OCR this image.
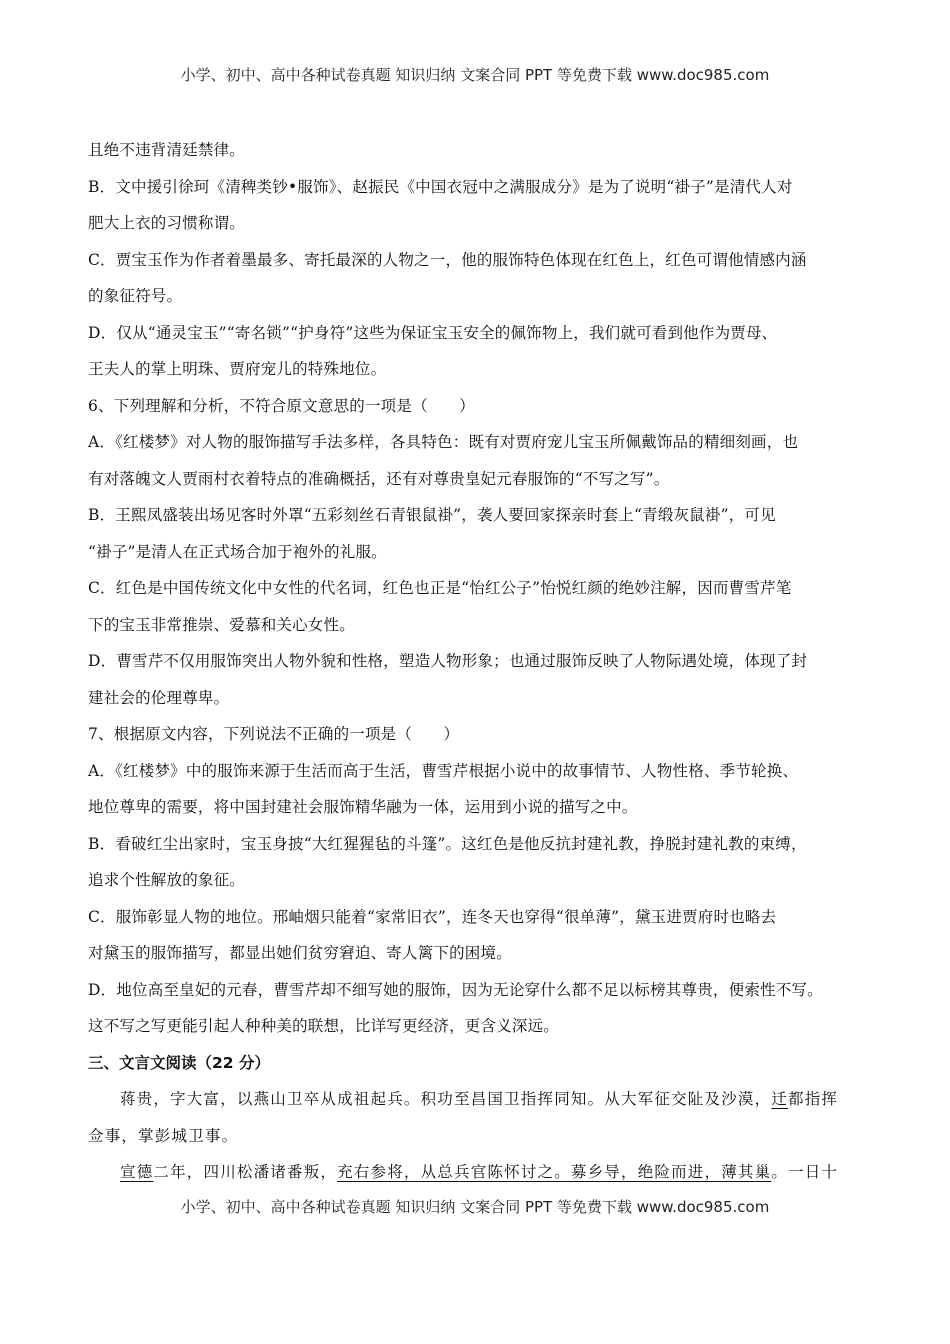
小学、初中、高中各种试卷真题 知识归纳 文案合同 PPT 等免费下载 www.doc985.com
且绝不违背清廷禁律。
B．文中援引徐珂《清稗类钞•服饰》、赵振民《中国衣冠中之满服成分》是为了说明“褂子”是清代人对
肥大上衣的习惯称谓。
C．贾宝玉作为作者着墨最多、寄托最深的人物之一，他的服饰特色体现在红色上，红色可谓他情感内涵
的象征符号。
D．仅从“通灵宝玉”“寄名锁”“护身符”这些为保证宝玉安全的佩饰物上，我们就可看到他作为贾母、
王夫人的掌上明珠、贾府宠儿的特殊地位。
6、下列理解和分析，不符合原文意思的一项是（　　）
A．《红楼梦》对人物的服饰描写手法多样，各具特色：既有对贾府宠儿宝玉所佩戴饰品的精细刻画，也
有对落魄文人贾雨村衣着特点的准确概括，还有对尊贵皇妃元春服饰的“不写之写”。
B．王熙凤盛装出场见客时外罩“五彩刻丝石青银鼠褂”，袭人要回家探亲时套上“青缎灰鼠褂”，可见
“褂子”是清人在正式场合加于袍外的礼服。
C．红色是中国传统文化中女性的代名词，红色也正是“怡红公子”怡悦红颜的绝妙注解，因而曹雪芹笔
下的宝玉非常推崇、爱慕和关心女性。
D．曹雪芹不仅用服饰突出人物外貌和性格，塑造人物形象；也通过服饰反映了人物际遇处境，体现了封
建社会的伦理尊卑。
7、根据原文内容，下列说法不正确的一项是（　　）
A．《红楼梦》中的服饰来源于生活而高于生活，曹雪芹根据小说中的故事情节、人物性格、季节轮换、
地位尊卑的需要，将中国封建社会服饰精华融为一体，运用到小说的描写之中。
B．看破红尘出家时，宝玉身披“大红猩猩毡的斗篷”。这红色是他反抗封建礼教，挣脱封建礼教的束缚，
追求个性解放的象征。
C．服饰彰显人物的地位。邢岫烟只能着“家常旧衣”，连冬天也穿得“很单薄”，黛玉进贾府时也略去
对黛玉的服饰描写，都显出她们贫穷窘迫、寄人篱下的困境。
D．地位高至皇妃的元春，曹雪芹却不细写她的服饰，因为无论穿什么都不足以标榜其尊贵，便索性不写。
这不写之写更能引起人种种美的联想，比详写更经济，更含义深远。
三、文言文阅读（22 分）
蒋贵，字大富，以燕山卫卒从成祖起兵。积功至昌国卫指挥同知。从大军征交阯及沙漠，迁都指挥
佥事，掌彭城卫事。
宣德二年，四川松潘诸番叛，充右参将，从总兵官陈怀讨之。募乡导，绝险而进，薄其巢。一日十
小学、初中、高中各种试卷真题 知识归纳 文案合同 PPT 等免费下载 www.doc985.com
